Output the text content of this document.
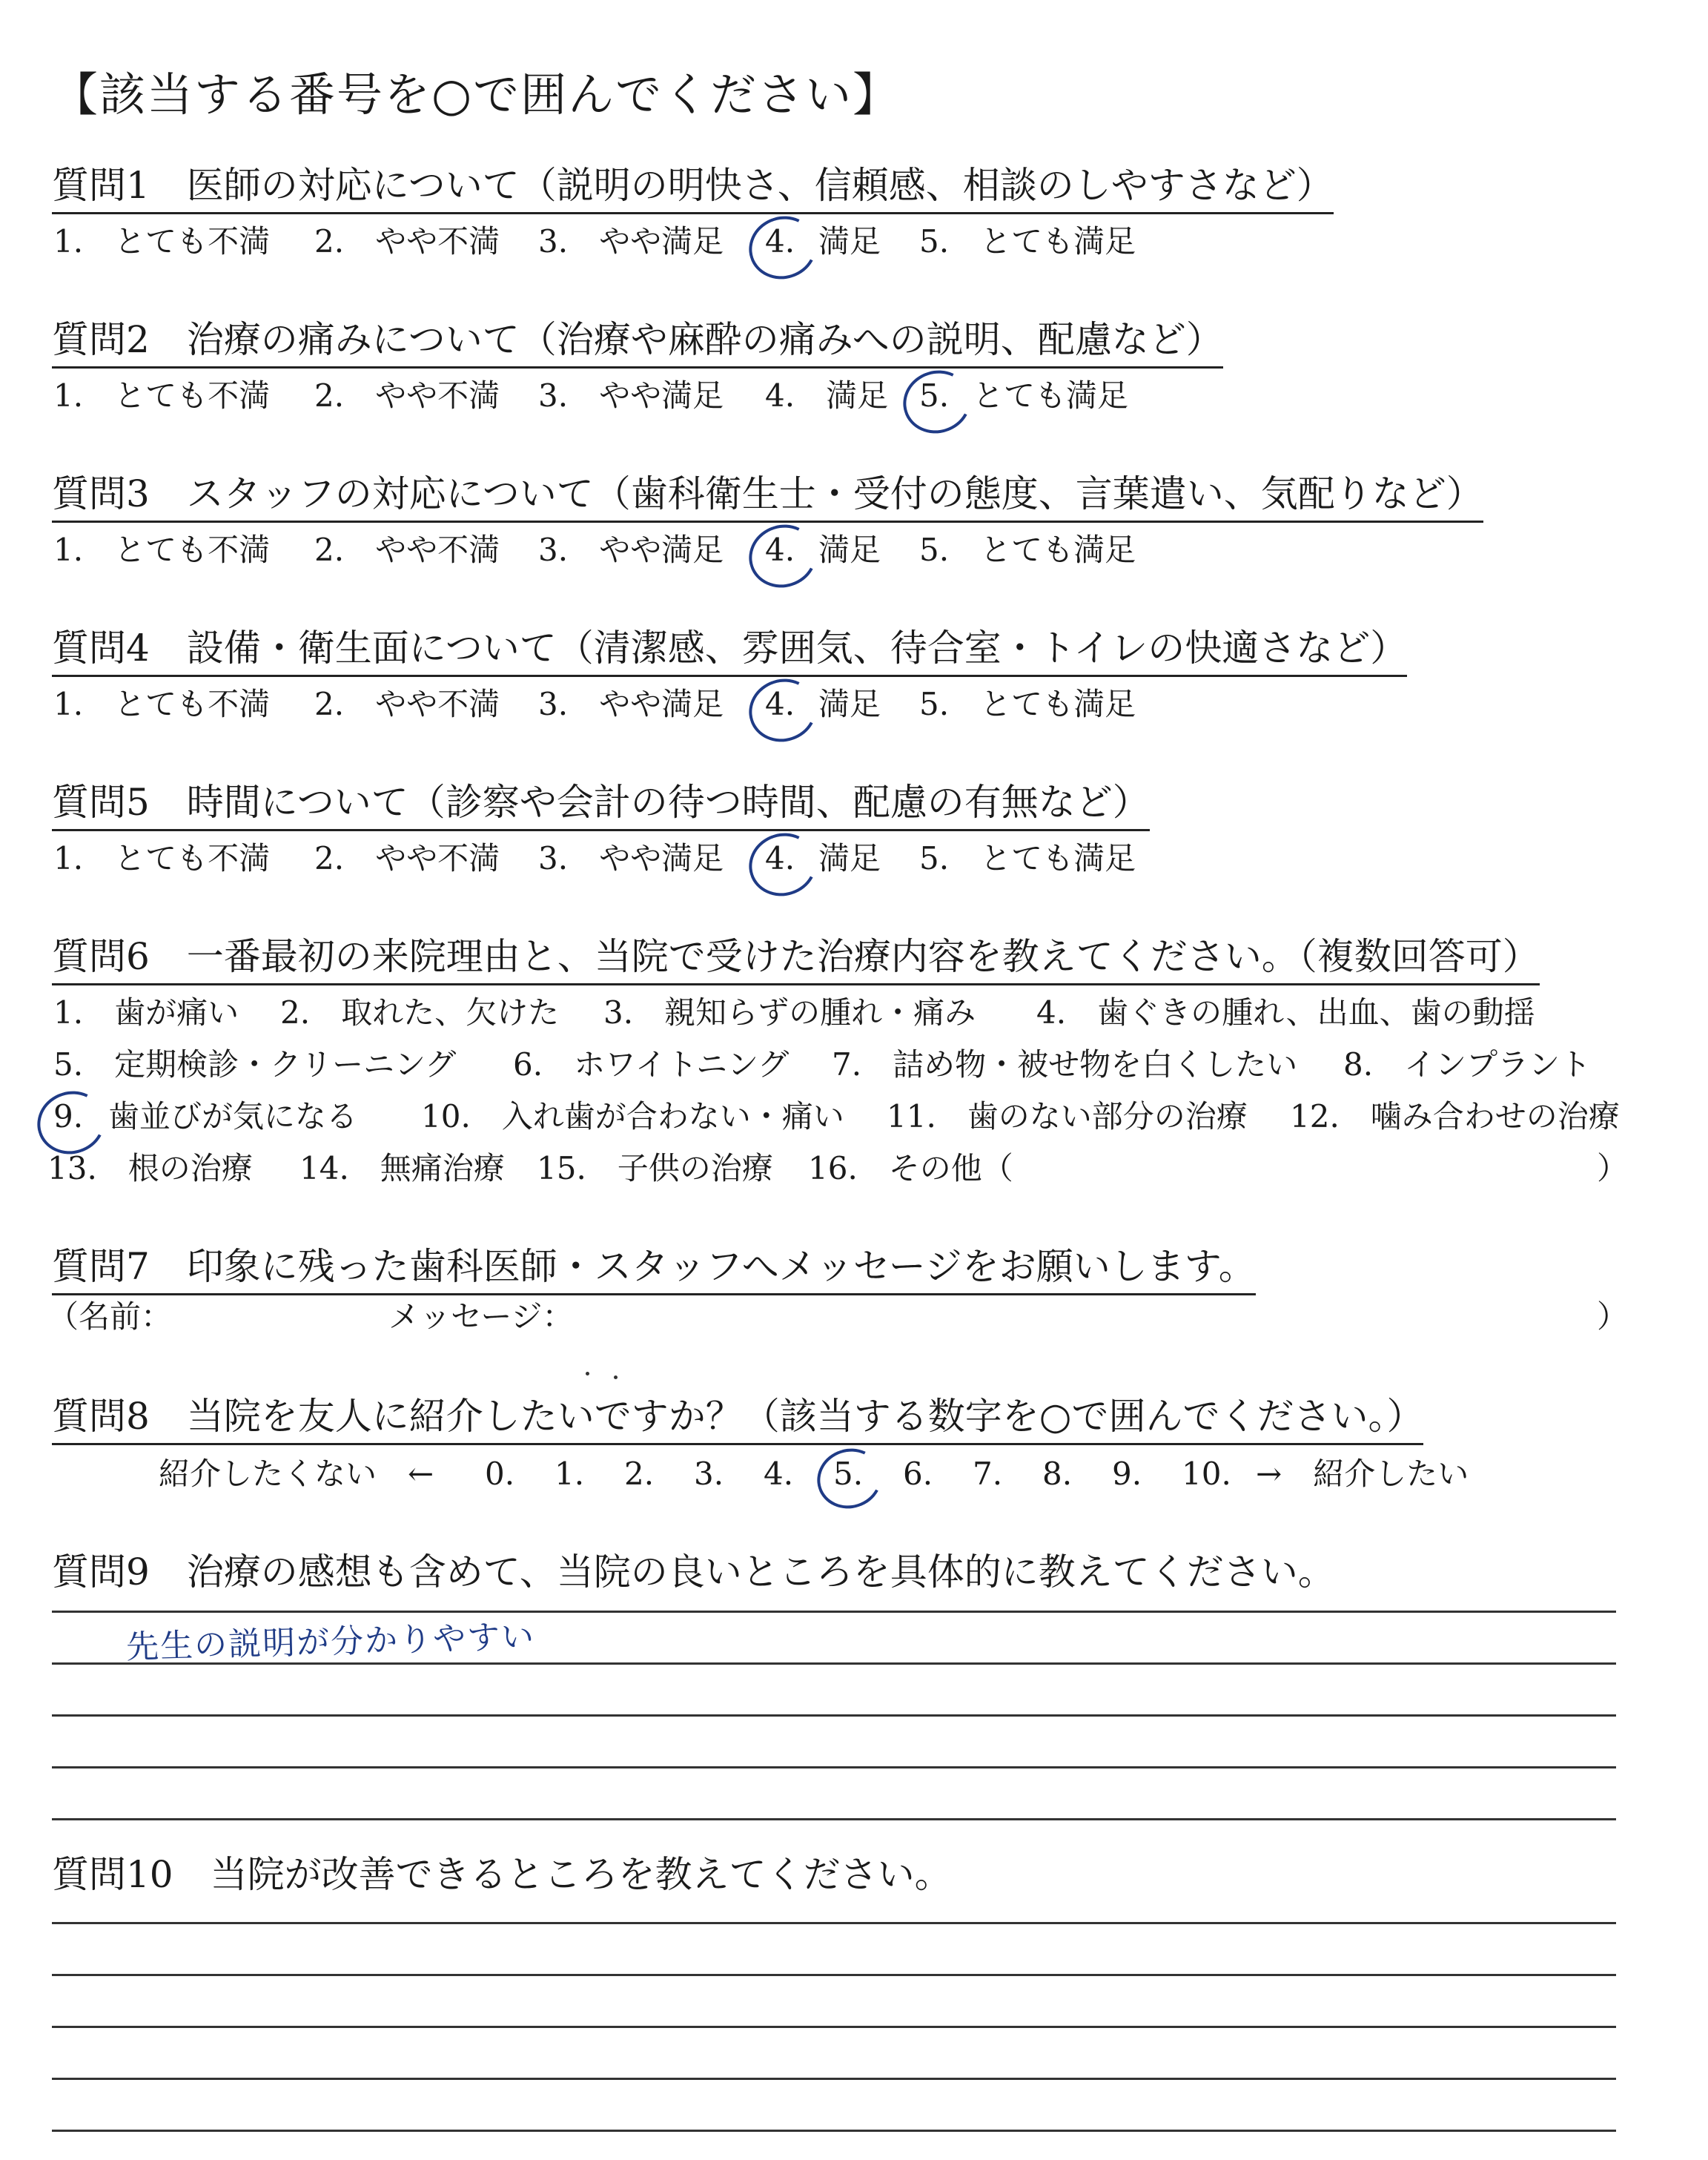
【該当する番号を○で囲んでください】
質問1　医師の対応について（説明の明快さ、信頼感、相談のしやすさなど）
1.　とても不満 2.　やや不満 3.　やや満足 4. 満足 5.　とても満足
質問2　治療の痛みについて（治療や麻酔の痛みへの説明、配慮など）
1.　とても不満 2.　やや不満 3.　やや満足 4.　満足 5. とても満足
質問3　スタッフの対応について（歯科衛生士・受付の態度、言葉遣い、気配りなど）
1.　とても不満 2.　やや不満 3.　やや満足 4. 満足 5.　とても満足
質問4　設備・衛生面について（清潔感、雰囲気、待合室・トイレの快適さなど）
1.　とても不満 2.　やや不満 3.　やや満足 4. 満足 5.　とても満足
質問5　時間について（診察や会計の待つ時間、配慮の有無など）
1.　とても不満 2.　やや不満 3.　やや満足 4. 満足 5.　とても満足
質問6　一番最初の来院理由と、当院で受けた治療内容を教えてください。（複数回答可）
1.　歯が痛い 2.　取れた、欠けた 3.　親知らずの腫れ・痛み 4.　歯ぐきの腫れ、出血、歯の動揺
5.　定期検診・クリーニング 6.　ホワイトニング 7.　詰め物・被せ物を白くしたい 8.　インプラント
9. 歯並びが気になる 10.　入れ歯が合わない・痛い 11.　歯のない部分の治療 12.　噛み合わせの治療
13.　根の治療 14.　無痛治療 15.　子供の治療 16.　その他（	）
質問7　印象に残った歯科医師・スタッフへメッセージをお願いします。
（名前：	メッセージ：	）
質問8　当院を友人に紹介したいですか？（該当する数字を○で囲んでください。）
紹介したくない　← 0. 1. 2. 3. 4. 5. 6. 7. 8. 9. 10. →　紹介したい
質問9　治療の感想も含めて、当院の良いところを具体的に教えてください。
先生の説明が分かりやすい
質問10　当院が改善できるところを教えてください。
